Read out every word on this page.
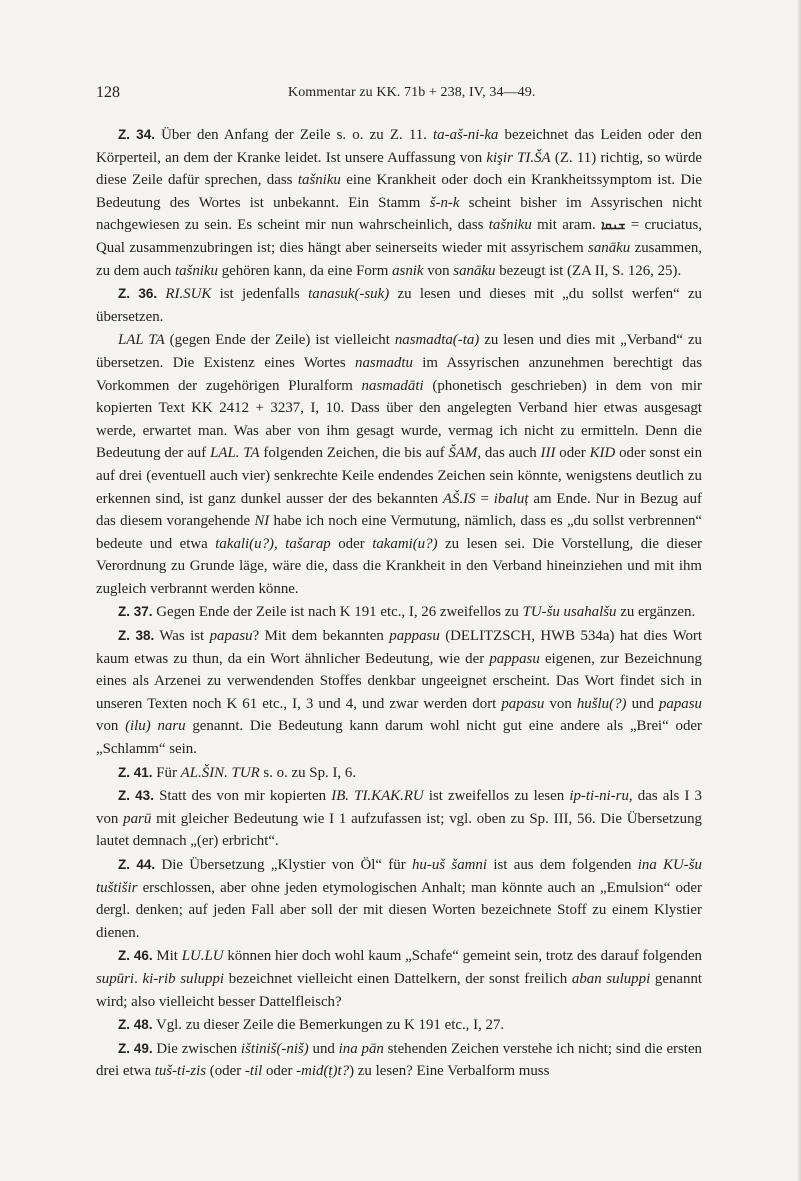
128	Kommentar zu KK. 71b + 238, IV, 34—49.

Z. 34. Über den Anfang der Zeile s. o. zu Z. 11. ta-aš-ni-ka bezeichnet das Leiden oder den Körperteil, an dem der Kranke leidet. Ist unsere Auffassung von kişir TI.ŠA (Z. 11) richtig, so würde diese Zeile dafür sprechen, dass tašniku eine Krankheit oder doch ein Krankheitssymptom ist. Die Bedeutung des Wortes ist unbekannt. Ein Stamm š-n-k scheint bisher im Assyrischen nicht nachgewiesen zu sein. Es scheint mir nun wahrscheinlich, dass tašniku mit aram. ܫܢܩܐ = cruciatus, Qual zusammenzubringen ist; dies hängt aber seinerseits wieder mit assyrischem sanāku zusammen, zu dem auch tašniku gehören kann, da eine Form asnik von sanāku bezeugt ist (ZA II, S. 126, 25).

Z. 36. RI.SUK ist jedenfalls tanasuk(-suk) zu lesen und dieses mit „du sollst werfen“ zu übersetzen.

LAL TA (gegen Ende der Zeile) ist vielleicht nasmadta(-ta) zu lesen und dies mit „Verband“ zu übersetzen. Die Existenz eines Wortes nasmadtu im Assyrischen anzunehmen berechtigt das Vorkommen der zugehörigen Pluralform nasmadāti (phonetisch geschrieben) in dem von mir kopierten Text KK 2412 + 3237, I, 10. Dass über den angelegten Verband hier etwas ausgesagt werde, erwartet man. Was aber von ihm gesagt wurde, vermag ich nicht zu ermitteln. Denn die Bedeutung der auf LAL. TA folgenden Zeichen, die bis auf ŠAM, das auch III oder KID oder sonst ein auf drei (eventuell auch vier) senkrechte Keile endendes Zeichen sein könnte, wenigstens deutlich zu erkennen sind, ist ganz dunkel ausser der des bekannten AŠ.IS = ibaluț am Ende. Nur in Bezug auf das diesem vorangehende NI habe ich noch eine Vermutung, nämlich, dass es „du sollst verbrennen“ bedeute und etwa takali(u?), tašarap oder takami(u?) zu lesen sei. Die Vorstellung, die dieser Verordnung zu Grunde läge, wäre die, dass die Krankheit in den Verband hineinziehen und mit ihm zugleich verbrannt werden könne.

Z. 37. Gegen Ende der Zeile ist nach K 191 etc., I, 26 zweifellos zu TU-šu usahalšu zu ergänzen.

Z. 38. Was ist papasu? Mit dem bekannten pappasu (DELITZSCH, HWB 534a) hat dies Wort kaum etwas zu thun, da ein Wort ähnlicher Bedeutung, wie der pappasu eigenen, zur Bezeichnung eines als Arzenei zu verwendenden Stoffes denkbar ungeeignet erscheint. Das Wort findet sich in unseren Texten noch K 61 etc., I, 3 und 4, und zwar werden dort papasu von hušlu(?) und papasu von (ilu) naru genannt. Die Bedeutung kann darum wohl nicht gut eine andere als „Brei“ oder „Schlamm“ sein.

Z. 41. Für AL.ŠIN. TUR s. o. zu Sp. I, 6.

Z. 43. Statt des von mir kopierten IB. TI.KAK.RU ist zweifellos zu lesen ip-ti-ni-ru, das als I 3 von parū mit gleicher Bedeutung wie I 1 aufzufassen ist; vgl. oben zu Sp. III, 56. Die Übersetzung lautet demnach „(er) erbricht“.

Z. 44. Die Übersetzung „Klystier von Öl“ für hu-uš šamni ist aus dem folgenden ina KU-šu tuštišir erschlossen, aber ohne jeden etymologischen Anhalt; man könnte auch an „Emulsion“ oder dergl. denken; auf jeden Fall aber soll der mit diesen Worten bezeichnete Stoff zu einem Klystier dienen.

Z. 46. Mit LU.LU können hier doch wohl kaum „Schafe“ gemeint sein, trotz des darauf folgenden supūri. ki-rib suluppi bezeichnet vielleicht einen Dattelkern, der sonst freilich aban suluppi genannt wird; also vielleicht besser Dattelfleisch?

Z. 48. Vgl. zu dieser Zeile die Bemerkungen zu K 191 etc., I, 27.

Z. 49. Die zwischen ištiniš(-niš) und ina pān stehenden Zeichen verstehe ich nicht; sind die ersten drei etwa tuš-ti-zis (oder -til oder -mid(ṭ)t?) zu lesen? Eine Verbalform muss
